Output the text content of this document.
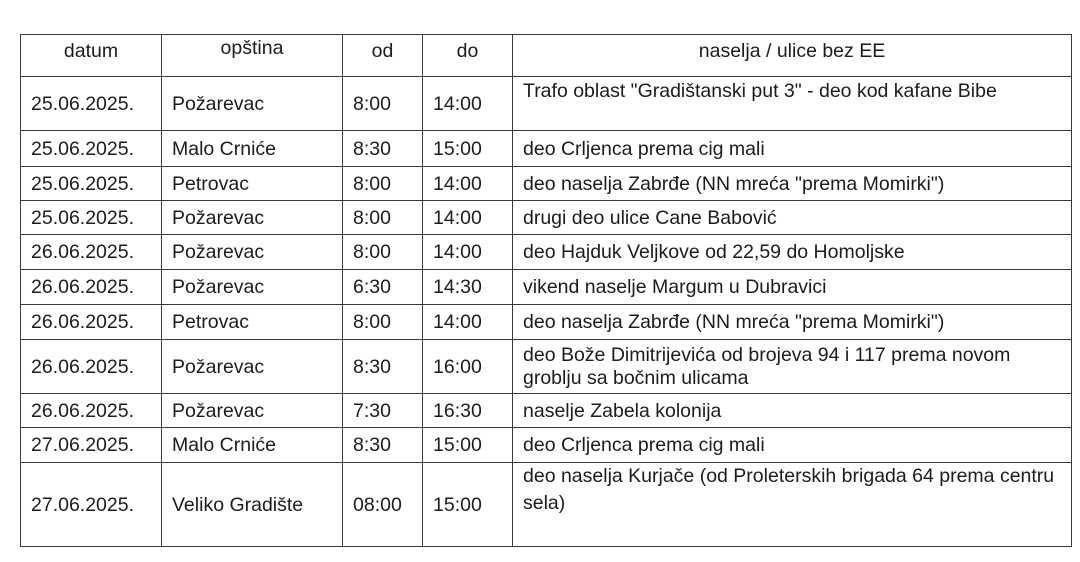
datum	opština	od	do	naselja / ulice bez EE
25.06.2025.	Požarevac	8:00	14:00	Trafo oblast "Gradištanski put 3" - deo kod kafane Bibe
25.06.2025.	Malo Crniće	8:30	15:00	deo Crljenca prema cig mali
25.06.2025.	Petrovac	8:00	14:00	deo naselja Zabrđe (NN mreća "prema Momirki")
25.06.2025.	Požarevac	8:00	14:00	drugi deo ulice Cane Babović
26.06.2025.	Požarevac	8:00	14:00	deo Hajduk Veljkove od 22,59 do Homoljske
26.06.2025.	Požarevac	6:30	14:30	vikend naselje Margum u Dubravici
26.06.2025.	Petrovac	8:00	14:00	deo naselja Zabrđe (NN mreća "prema Momirki")
26.06.2025.	Požarevac	8:30	16:00	deo Bože Dimitrijevića od brojeva 94 i 117 prema novom groblju sa bočnim ulicama
26.06.2025.	Požarevac	7:30	16:30	naselje Zabela kolonija
27.06.2025.	Malo Crniće	8:30	15:00	deo Crljenca prema cig mali
27.06.2025.	Veliko Gradište	08:00	15:00	deo naselja Kurjače (od Proleterskih brigada 64 prema centru sela)
